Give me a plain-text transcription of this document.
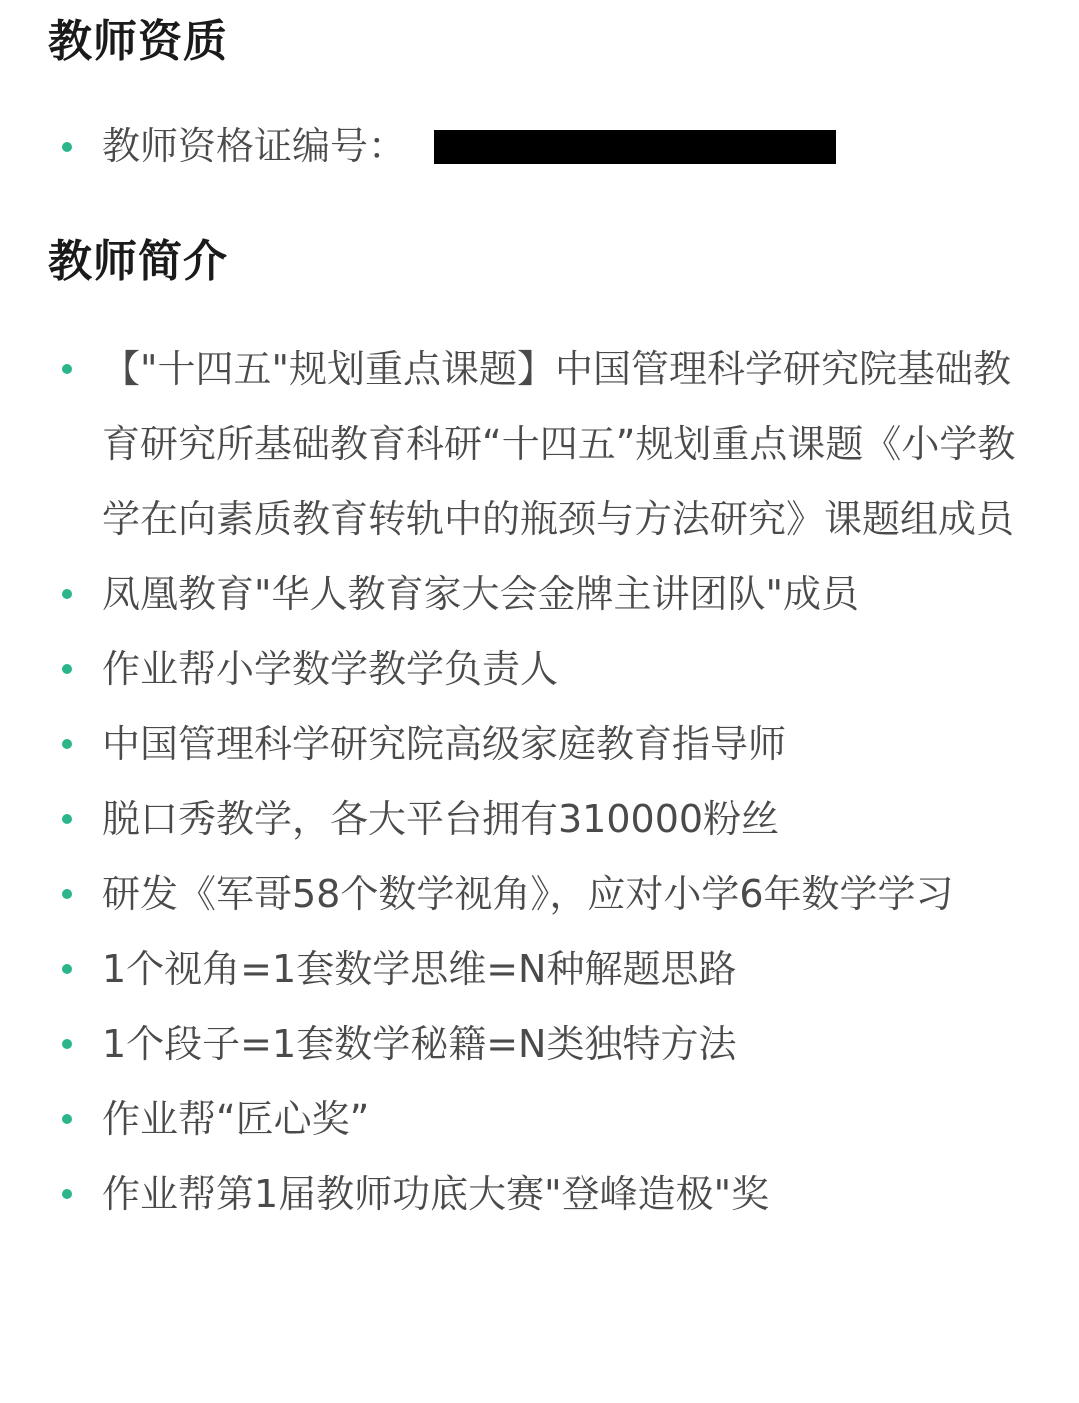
教师资质
教师资格证编号：
教师简介
【"十四五"规划重点课题】中国管理科学研究院基础教育研究所基础教育科研“十四五”规划重点课题《小学教学在向素质教育转轨中的瓶颈与方法研究》课题组成员
凤凰教育"华人教育家大会金牌主讲团队"成员
作业帮小学数学教学负责人
中国管理科学研究院高级家庭教育指导师
脱口秀教学，各大平台拥有310000粉丝
研发《军哥58个数学视角》，应对小学6年数学学习
1个视角=1套数学思维=N种解题思路
1个段子=1套数学秘籍=N类独特方法
作业帮“匠心奖”
作业帮第1届教师功底大赛"登峰造极"奖
